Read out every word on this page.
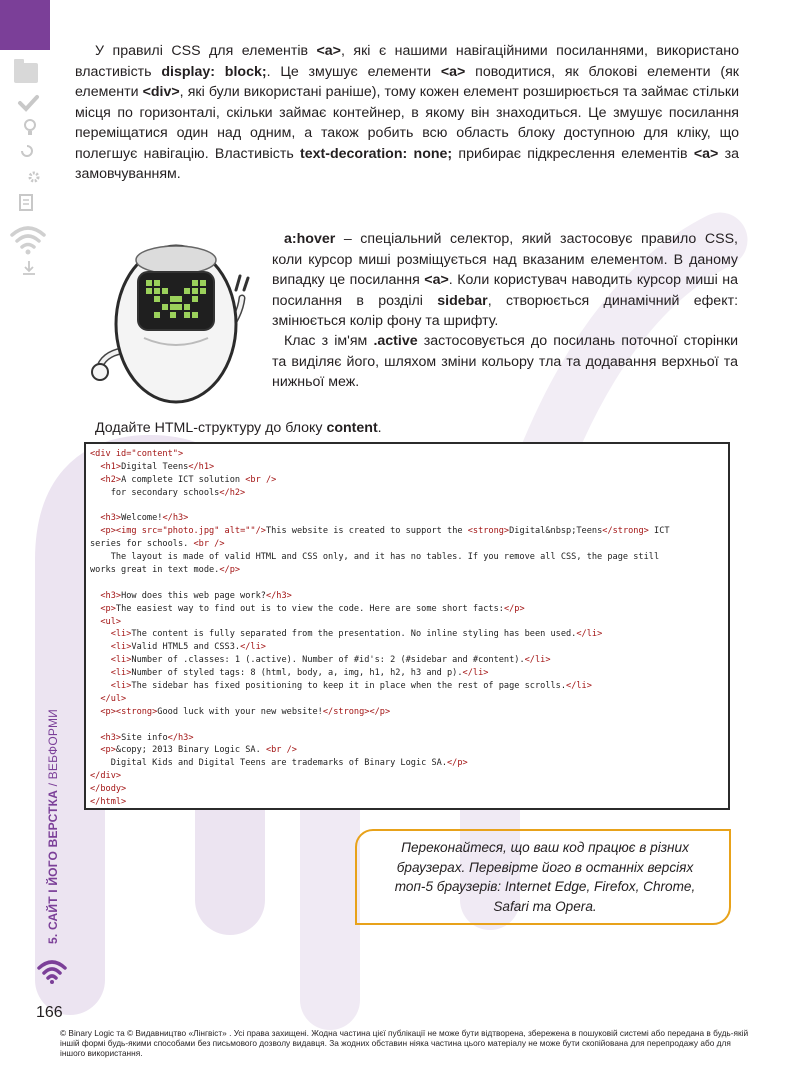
5. САЙТ І ЙОГО ВЕРСТКА / ВЕБФОРМИ
У правилі CSS для елементів <a>, які є нашими навігаційними посиланнями, використано властивість display: block;. Це змушує елементи <a> поводитися, як блокові елементи (як елементи <div>, які були використані раніше), тому кожен елемент розширюється та займає стільки місця по горизонталі, скільки займає контейнер, в якому він знаходиться. Це змушує посилання переміщатися один над одним, а також робить всю область блоку доступною для кліку, що полегшує навігацію. Властивість text-decoration: none; прибирає підкреслення елементів <a> за замовчуванням.
a:hover – спеціальний селектор, який застосовує правило CSS, коли курсор миші розміщується над вказаним елементом. В даному випадку це посилання <a>. Коли користувач наводить курсор миші на посилання в розділі sidebar, створюється динамічний ефект: змінюється колір фону та шрифту.
Клас з ім'ям .active застосовується до посилань поточної сторінки та виділяє його, шляхом зміни кольору тла та додавання верхньої та нижньої меж.
Додайте HTML-структуру до блоку content.
<div id="content">
<h1>Digital Teens</h1>
<h2>A complete ICT solution <br />
for secondary schools</h2>
<h3>Welcome!</h3>
<p><img src="photo.jpg" alt=""/>This website is created to support the <strong>Digital&nbsp;Teens</strong> ICT
series for schools. <br />
The layout is made of valid HTML and CSS only, and it has no tables. If you remove all CSS, the page still
works great in text mode.</p>
<h3>How does this web page work?</h3>
<p>The easiest way to find out is to view the code. Here are some short facts:</p>
<ul>
<li>The content is fully separated from the presentation. No inline styling has been used.</li>
<li>Valid HTML5 and CSS3.</li>
<li>Number of .classes: 1 (.active). Number of #id's: 2 (#sidebar and #content).</li>
<li>Number of styled tags: 8 (html, body, a, img, h1, h2, h3 and p).</li>
<li>The sidebar has fixed positioning to keep it in place when the rest of page scrolls.</li>
</ul>
<p><strong>Good luck with your new website!</strong></p>
<h3>Site info</h3>
<p>&copy; 2013 Binary Logic SA. <br />
Digital Kids and Digital Teens are trademarks of Binary Logic SA.</p>
</div>
</body>
</html>
Переконайтеся, що ваш код працює в різних браузерах. Перевірте його в останніх версіях топ-5 браузерів: Internet Edge, Firefox, Chrome, Safari та Opera.
166
© Binary Logic та © Видавництво «Лінгвіст» . Усі права захищені. Жодна частина цієї публікації не може бути відтворена, збережена в пошуковій системі або передана в будь-якій іншій формі будь-якими способами без письмового дозволу видавця. За жодних обставин ніяка частина цього матеріалу не може бути скопійована для перепродажу або для іншого використання.
